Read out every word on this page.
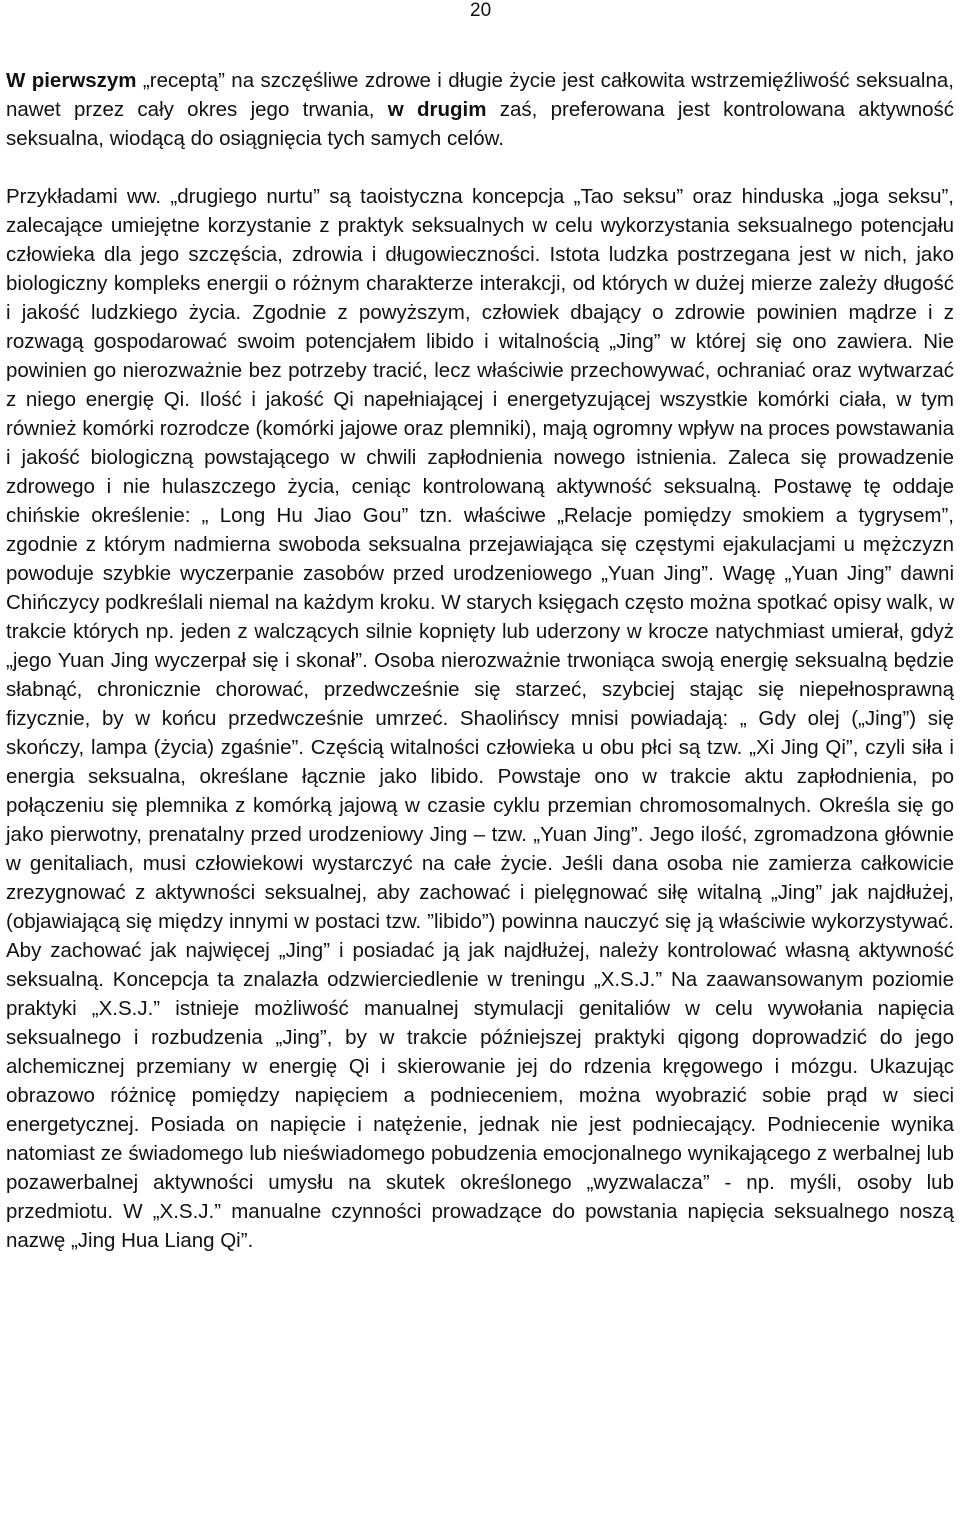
20

W pierwszym „receptą” na szczęśliwe zdrowe i długie życie jest całkowita wstrzemięźliwość seksualna, nawet przez cały okres jego trwania, w drugim zaś, preferowana jest kontrolowana aktywność seksualna, wiodącą do osiągnięcia tych samych celów.

Przykładami ww. „drugiego nurtu” są taoistyczna koncepcja „Tao seksu” oraz hinduska „joga seksu”, zalecające umiejętne korzystanie z praktyk seksualnych w celu wykorzystania seksualnego potencjału człowieka dla jego szczęścia, zdrowia i długowieczności. Istota ludzka postrzegana jest w nich, jako biologiczny kompleks energii o różnym charakterze interakcji, od których w dużej mierze zależy długość i jakość ludzkiego życia. Zgodnie z powyższym, człowiek dbający o zdrowie powinien mądrze i z rozwagą gospodarować swoim potencjałem libido i witalnością „Jing” w której się ono zawiera. Nie powinien go nierozważnie bez potrzeby tracić, lecz właściwie przechowywać, ochraniać oraz wytwarzać z niego energię Qi. Ilość i jakość Qi napełniającej i energetyzującej wszystkie komórki ciała, w tym również komórki rozrodcze (komórki jajowe oraz plemniki), mają ogromny wpływ na proces powstawania i jakość biologiczną powstającego w chwili zapłodnienia nowego istnienia. Zaleca się prowadzenie zdrowego i nie hulaszczego życia, ceniąc kontrolowaną aktywność seksualną. Postawę tę oddaje chińskie określenie: „ Long Hu Jiao Gou” tzn. właściwe „Relacje pomiędzy smokiem a tygrysem”, zgodnie z którym nadmierna swoboda seksualna przejawiająca się częstymi ejakulacjami u mężczyzn powoduje szybkie wyczerpanie zasobów przed urodzeniowego „Yuan Jing”. Wagę „Yuan Jing” dawni Chińczycy podkreślali niemal na każdym kroku. W starych księgach często można spotkać opisy walk, w trakcie których np. jeden z walczących silnie kopnięty lub uderzony w krocze natychmiast umierał, gdyż „jego Yuan Jing wyczerpał się i skonał”. Osoba nierozważnie trwoniąca swoją energię seksualną będzie słabnąć, chronicznie chorować, przedwcześnie się starzeć, szybciej stając się niepełnosprawną fizycznie, by w końcu przedwcześnie umrzeć. Shaolińscy mnisi powiadają: „ Gdy olej („Jing”) się skończy, lampa (życia) zgaśnie”. Częścią witalności człowieka u obu płci są tzw. „Xi Jing Qi”, czyli siła i energia seksualna, określane łącznie jako libido. Powstaje ono w trakcie aktu zapłodnienia, po połączeniu się plemnika z komórką jajową w czasie cyklu przemian chromosomalnych. Określa się go jako pierwotny, prenatalny przed urodzeniowy Jing – tzw. „Yuan Jing”. Jego ilość, zgromadzona głównie w genitaliach, musi człowiekowi wystarczyć na całe życie. Jeśli dana osoba nie zamierza całkowicie zrezygnować z aktywności seksualnej, aby zachować i pielęgnować siłę witalną „Jing” jak najdłużej, (objawiającą się między innymi w postaci tzw. ”libido”) powinna nauczyć się ją właściwie wykorzystywać. Aby zachować jak najwięcej „Jing” i posiadać ją jak najdłużej, należy kontrolować własną aktywność seksualną. Koncepcja ta znalazła odzwierciedlenie w treningu „X.S.J.” Na zaawansowanym poziomie praktyki „X.S.J.” istnieje możliwość manualnej stymulacji genitaliów w celu wywołania napięcia seksualnego i rozbudzenia „Jing”, by w trakcie późniejszej praktyki qigong doprowadzić do jego alchemicznej przemiany w energię Qi i skierowanie jej do rdzenia kręgowego i mózgu. Ukazując obrazowo różnicę pomiędzy napięciem a podnieceniem, można wyobrazić sobie prąd w sieci energetycznej. Posiada on napięcie i natężenie, jednak nie jest podniecający. Podniecenie wynika natomiast ze świadomego lub nieświadomego pobudzenia emocjonalnego wynikającego z werbalnej lub pozawerbalnej aktywności umysłu na skutek określonego „wyzwalacza” - np. myśli, osoby lub przedmiotu. W „X.S.J.” manualne czynności prowadzące do powstania napięcia seksualnego noszą nazwę „Jing Hua Liang Qi”.
